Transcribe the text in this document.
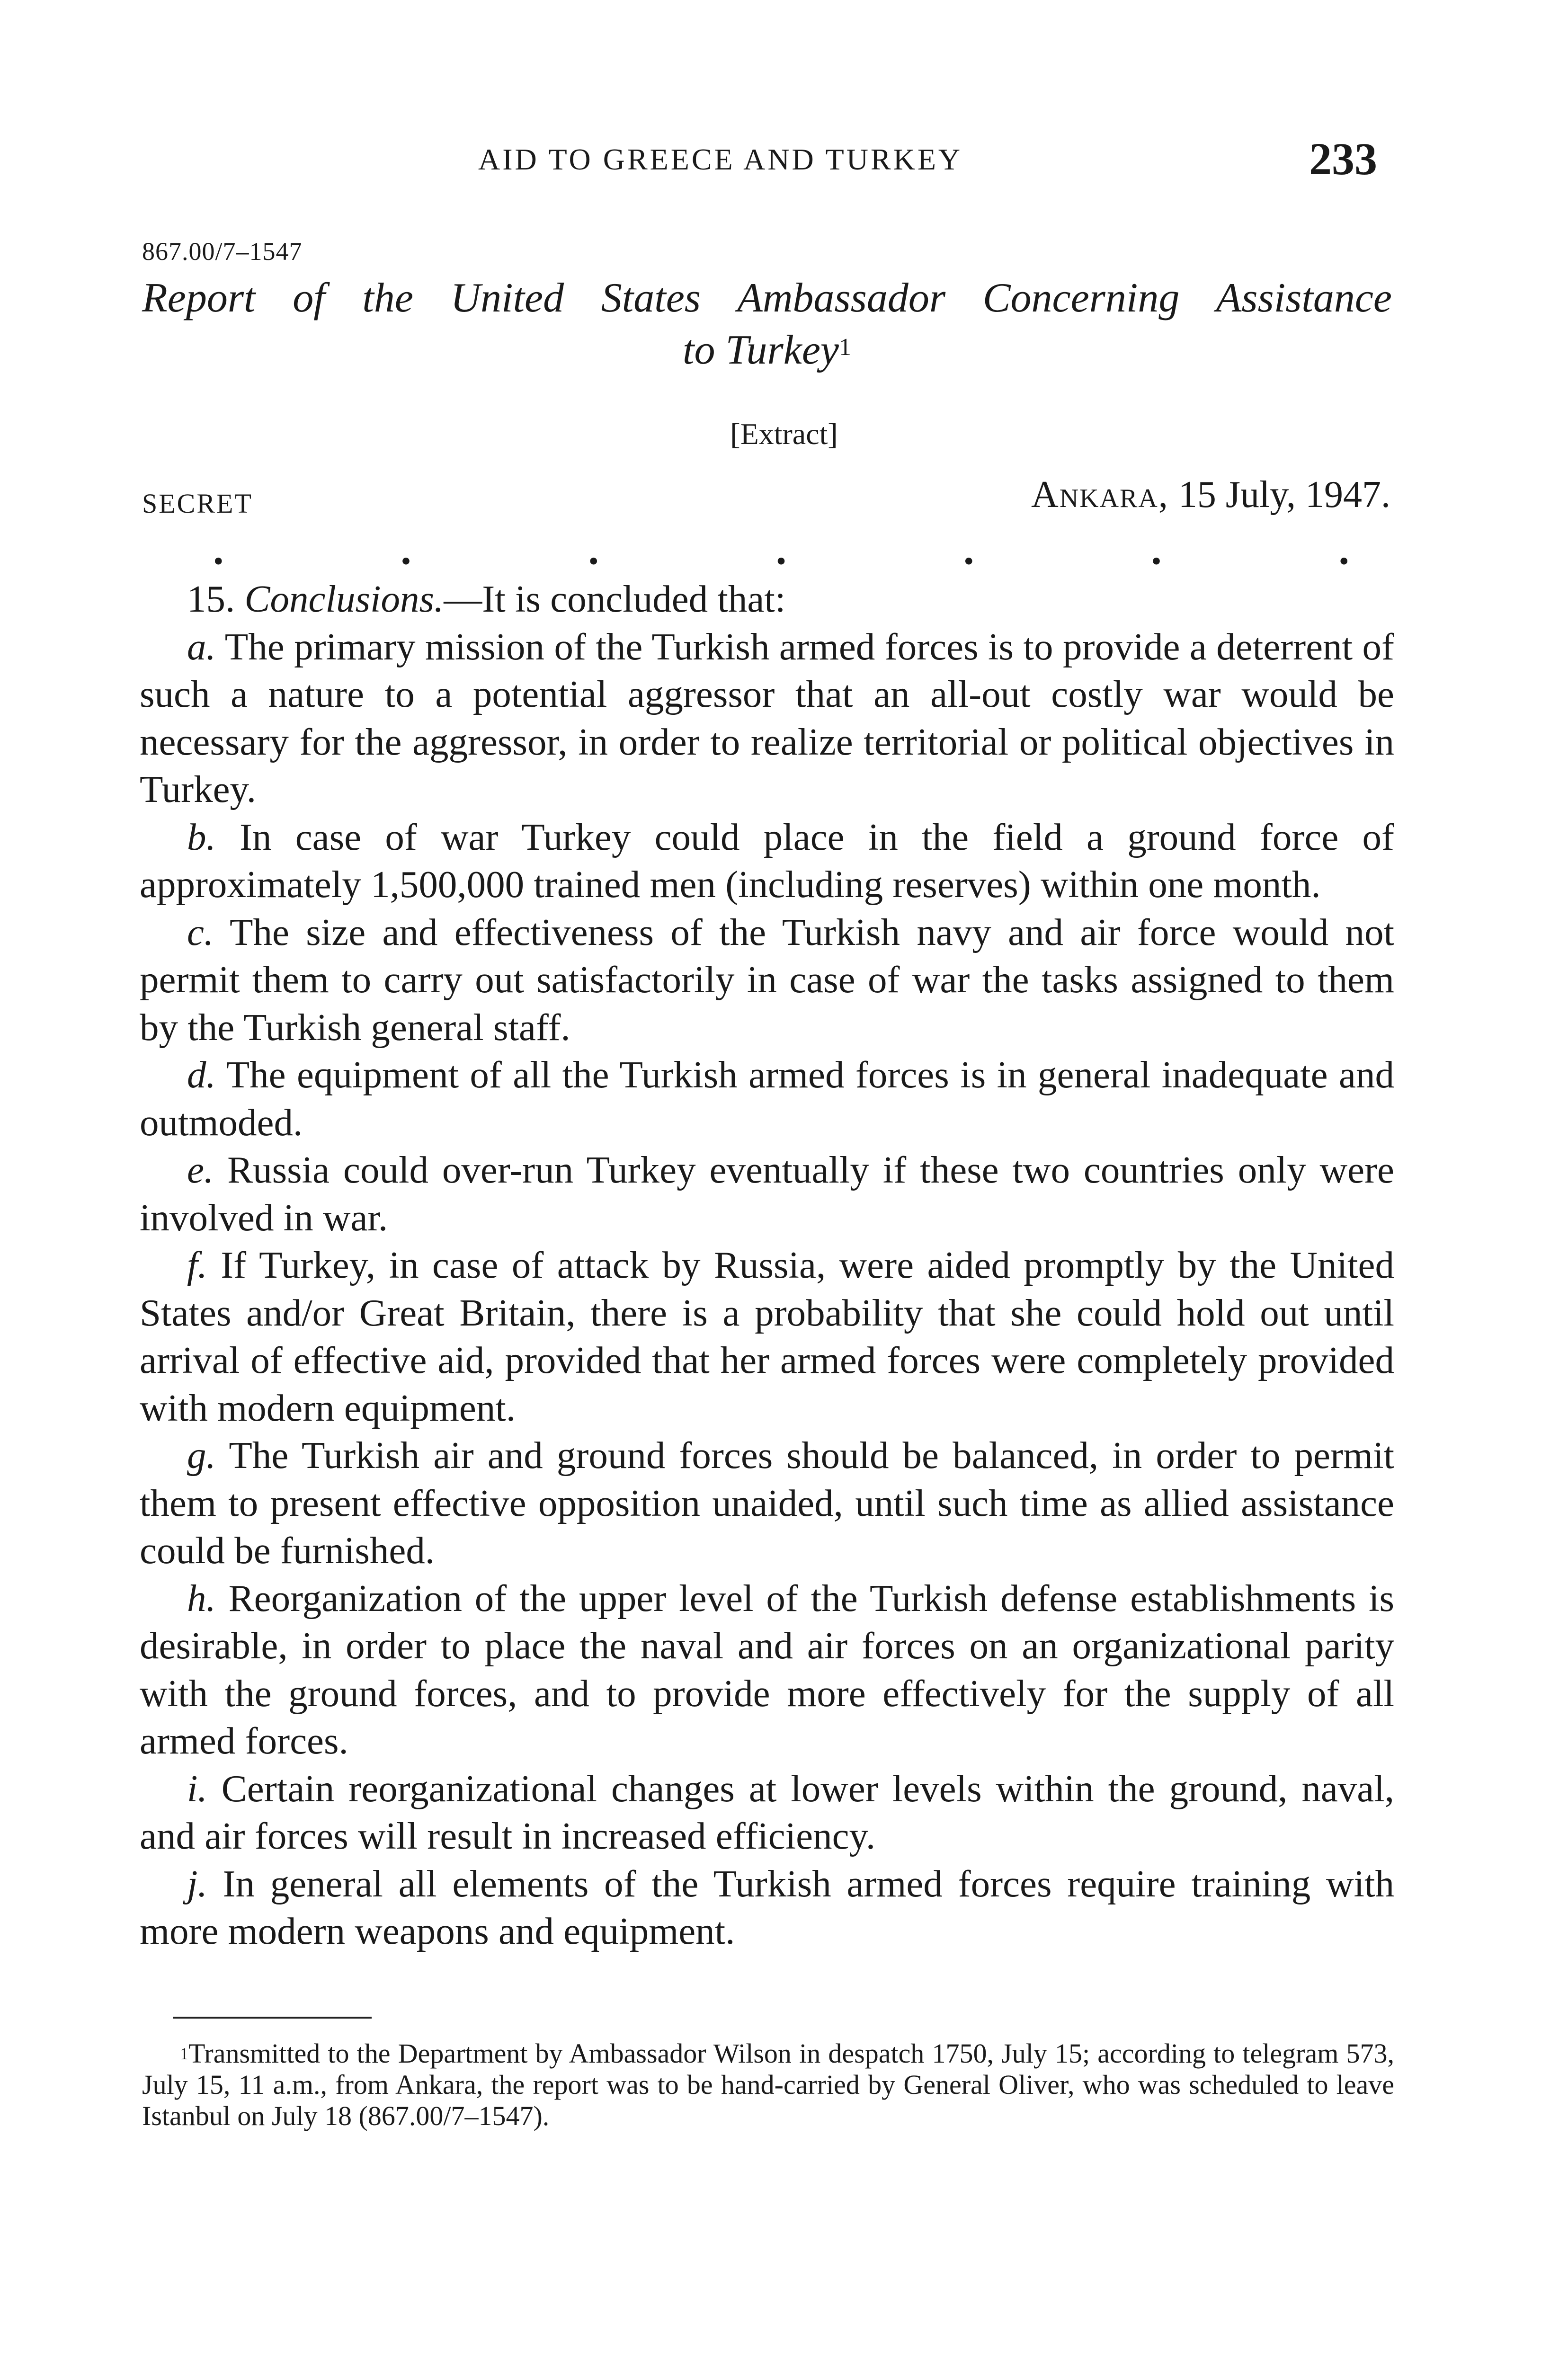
AID TO GREECE AND TURKEY	233
867.00/7–1547
Report of the United States Ambassador Concerning Assistance
to Turkey$^1$
[Extract]
SECRET	Ankara, 15 July, 1947.
.	.	.	.	.	.	.

15. Conclusions.—It is concluded that:

a. The primary mission of the Turkish armed forces is to provide a deterrent of such a nature to a potential aggressor that an all-out costly war would be necessary for the aggressor, in order to realize territorial or political objectives in Turkey.

b. In case of war Turkey could place in the field a ground force of approximately 1,500,000 trained men (including reserves) within one month.

c. The size and effectiveness of the Turkish navy and air force would not permit them to carry out satisfactorily in case of war the tasks assigned to them by the Turkish general staff.

d. The equipment of all the Turkish armed forces is in general inadequate and outmoded.

e. Russia could over-run Turkey eventually if these two countries only were involved in war.

f. If Turkey, in case of attack by Russia, were aided promptly by the United States and/or Great Britain, there is a probability that she could hold out until arrival of effective aid, provided that her armed forces were completely provided with modern equipment.

g. The Turkish air and ground forces should be balanced, in order to permit them to present effective opposition unaided, until such time as allied assistance could be furnished.

h. Reorganization of the upper level of the Turkish defense establishments is desirable, in order to place the naval and air forces on an organizational parity with the ground forces, and to provide more effectively for the supply of all armed forces.

i. Certain reorganizational changes at lower levels within the ground, naval, and air forces will result in increased efficiency.

j. In general all elements of the Turkish armed forces require training with more modern weapons and equipment.

$^1$Transmitted to the Department by Ambassador Wilson in despatch 1750, July 15; according to telegram 573, July 15, 11 a.m., from Ankara, the report was to be hand-carried by General Oliver, who was scheduled to leave Istanbul on July 18 (867.00/7–1547).
